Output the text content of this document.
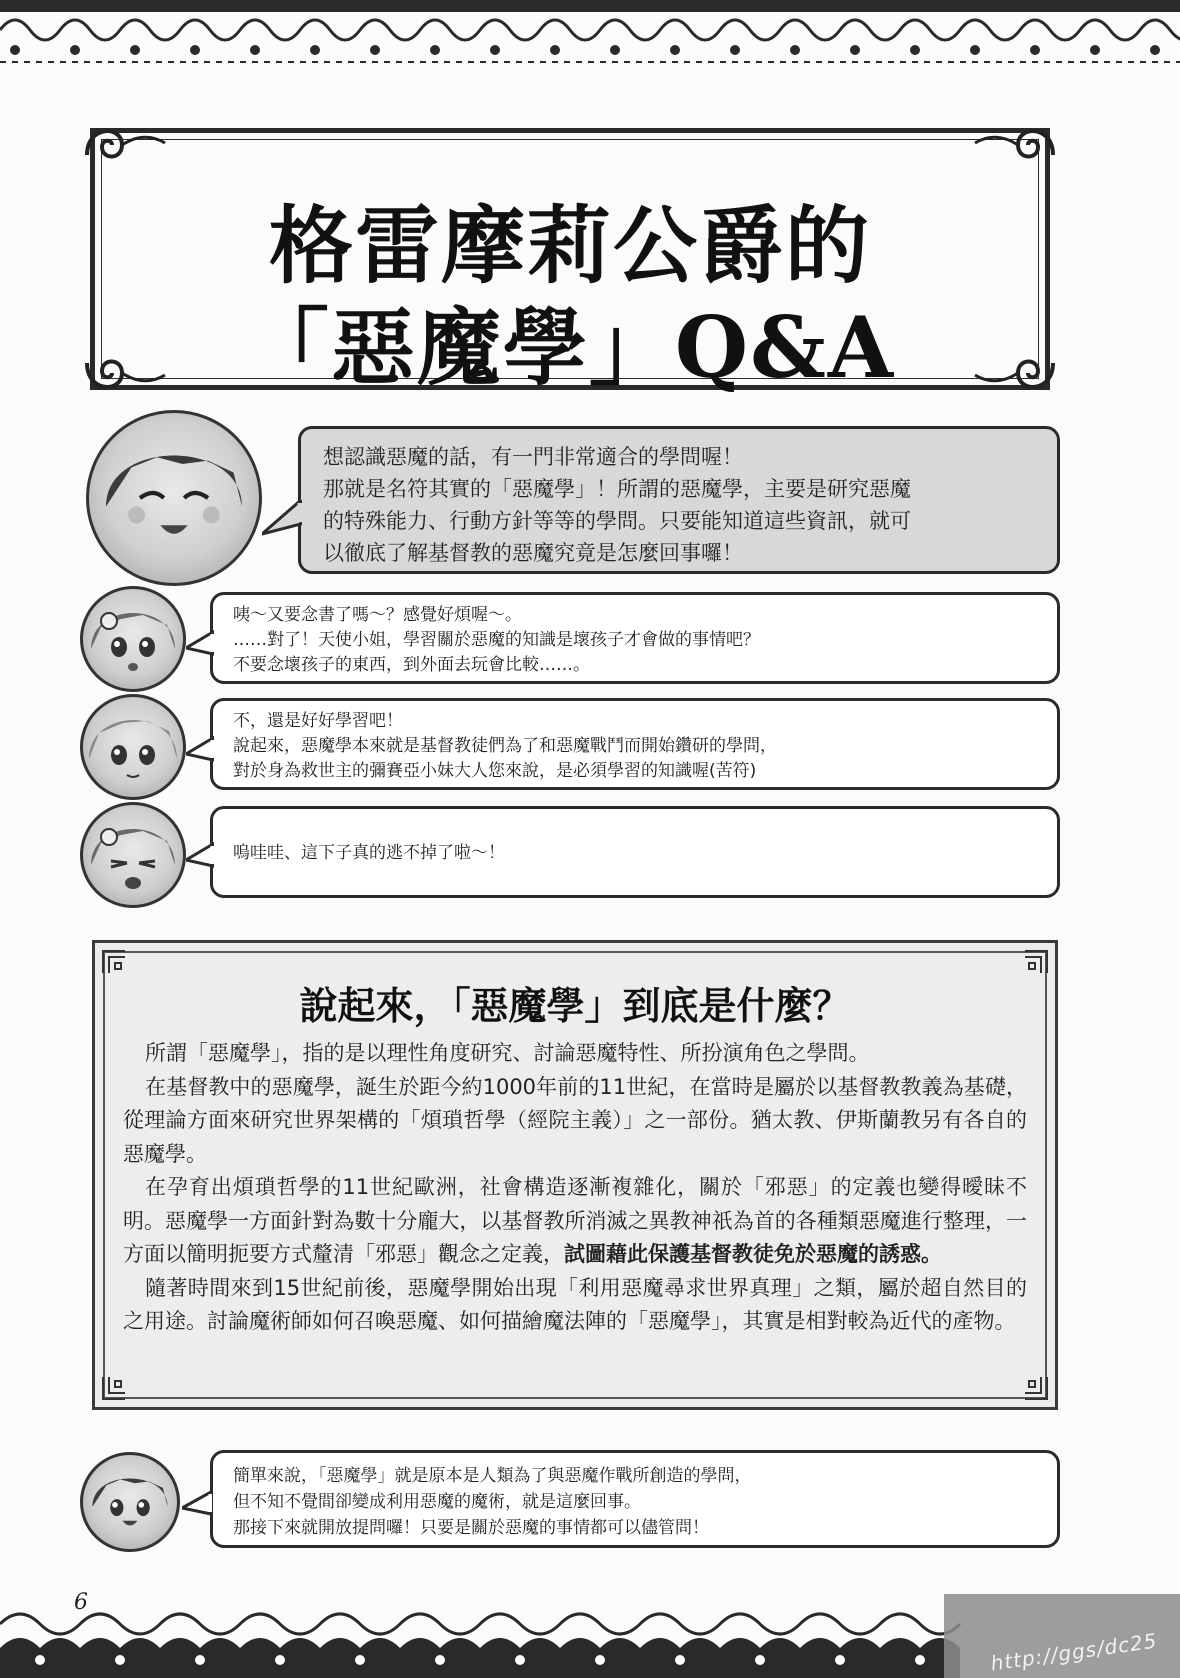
格雷摩莉公爵的
「惡魔學」Q&A

想認識惡魔的話，有一門非常適合的學問喔！

那就是名符其實的「惡魔學」！所謂的惡魔學，主要是研究惡魔

的特殊能力、行動方針等等的學問。只要能知道這些資訊，就可

以徹底了解基督教的惡魔究竟是怎麼回事囉！

咦～又要念書了嗎～？感覺好煩喔～。

……對了！天使小姐，學習關於惡魔的知識是壞孩子才會做的事情吧？

不要念壞孩子的東西，到外面去玩會比較……。

不，還是好好學習吧！

說起來，惡魔學本來就是基督教徒們為了和惡魔戰鬥而開始鑽研的學問，

對於身為救世主的彌賽亞小妹大人您來說，是必須學習的知識喔(苦符)

嗚哇哇、這下子真的逃不掉了啦～！

說起來，「惡魔學」到底是什麼？

所謂「惡魔學」，指的是以理性角度研究、討論惡魔特性、所扮演角色之學問。

在基督教中的惡魔學，誕生於距今約1000年前的11世紀，在當時是屬於以基督教教義為基礎，從理論方面來研究世界架構的「煩瑣哲學（經院主義）」之一部份。猶太教、伊斯蘭教另有各自的惡魔學。

在孕育出煩瑣哲學的11世紀歐洲，社會構造逐漸複雜化，關於「邪惡」的定義也變得曖昧不明。惡魔學一方面針對為數十分龐大，以基督教所消滅之異教神祇為首的各種類惡魔進行整理，一方面以簡明扼要方式釐清「邪惡」觀念之定義，試圖藉此保護基督教徒免於惡魔的誘惑。

隨著時間來到15世紀前後，惡魔學開始出現「利用惡魔尋求世界真理」之類，屬於超自然目的之用途。討論魔術師如何召喚惡魔、如何描繪魔法陣的「惡魔學」，其實是相對較為近代的產物。

簡單來說，「惡魔學」就是原本是人類為了與惡魔作戰所創造的學問，

但不知不覺間卻變成利用惡魔的魔術，就是這麼回事。

那接下來就開放提問囉！只要是關於惡魔的事情都可以儘管問！

6
http://ggs/dc25
